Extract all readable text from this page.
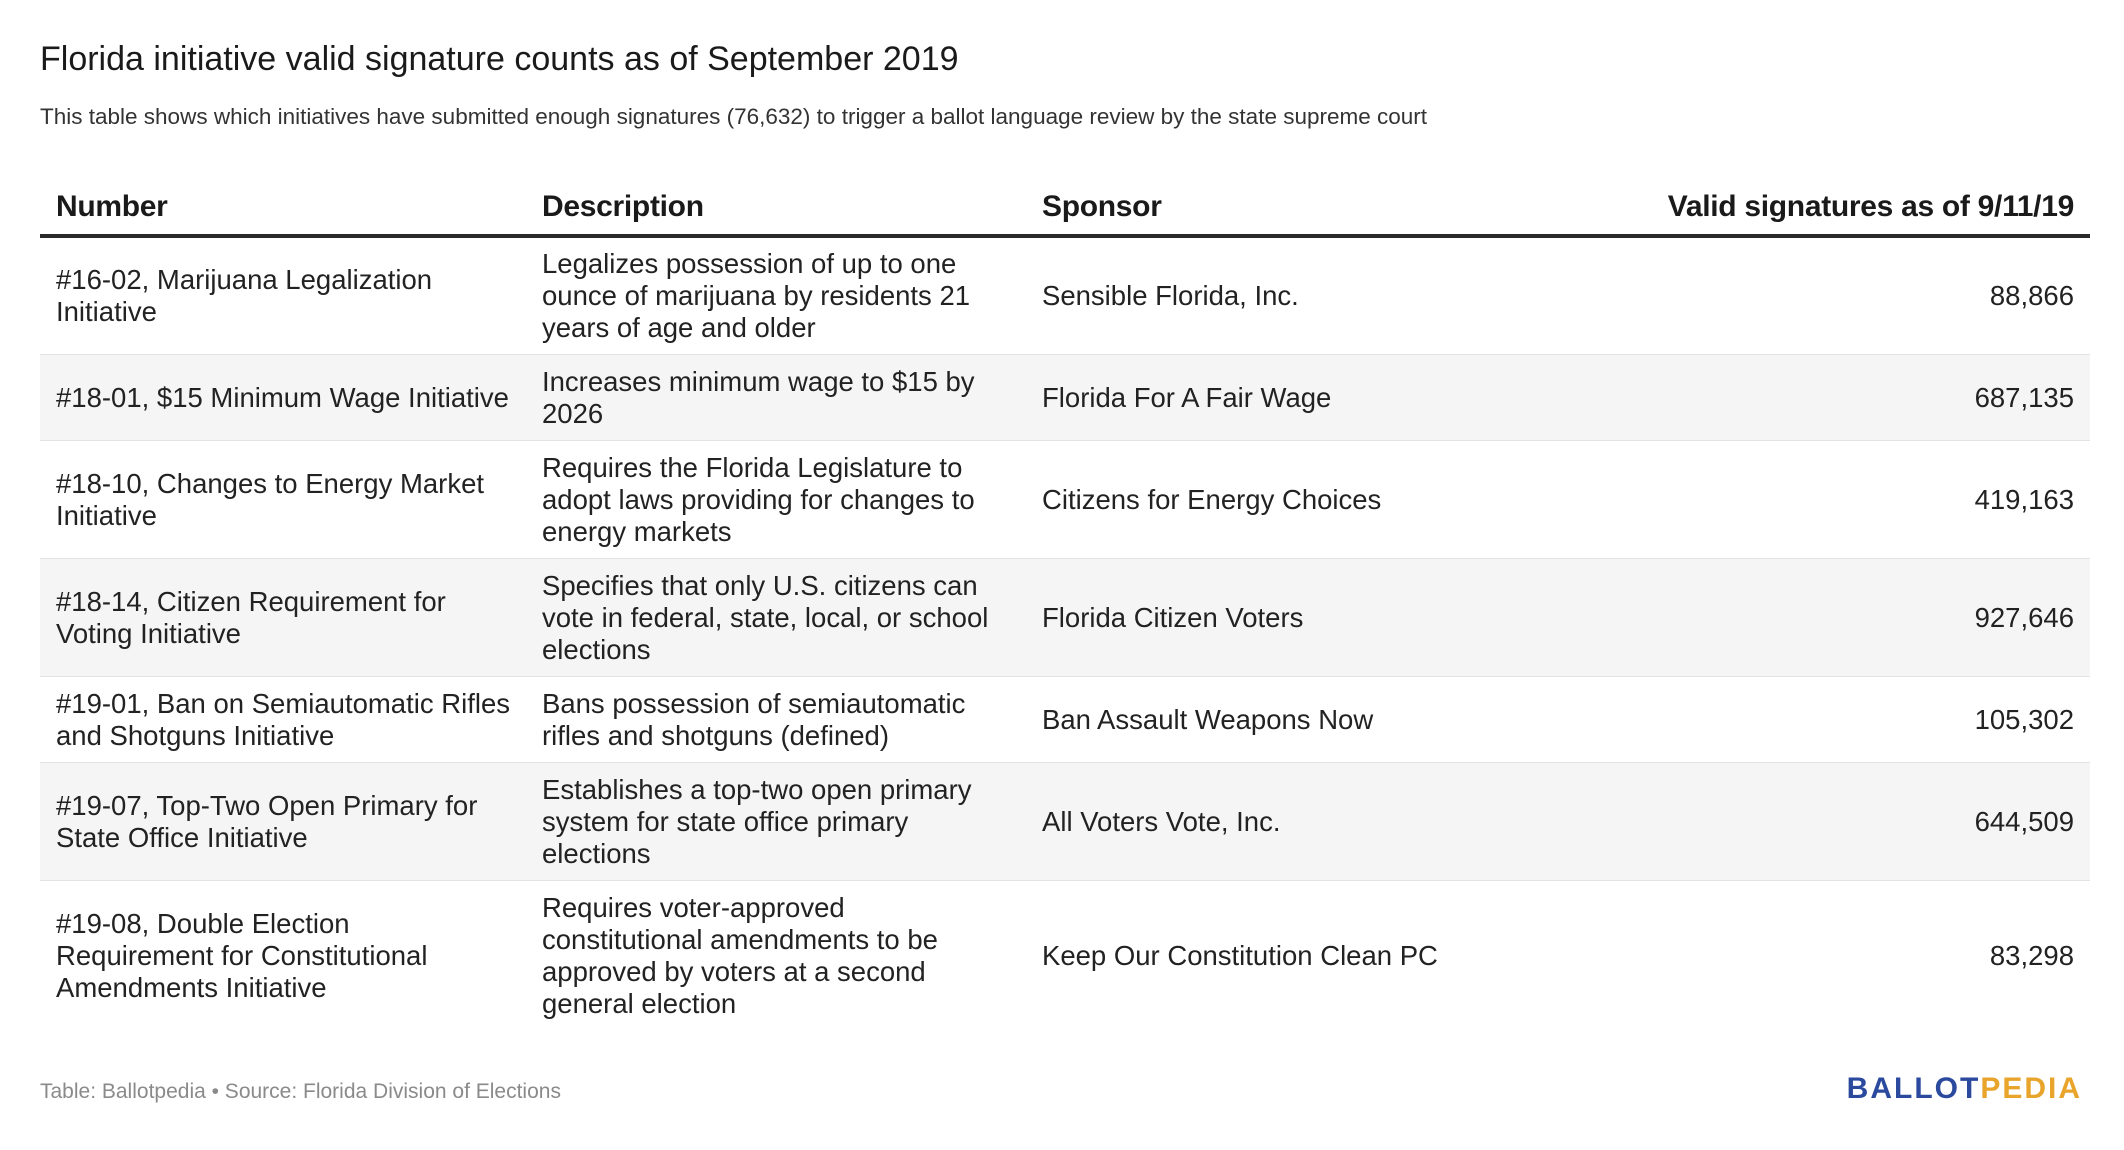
Florida initiative valid signature counts as of September 2019
This table shows which initiatives have submitted enough signatures (76,632) to trigger a ballot language review by the state supreme court
Number	Description	Sponsor	Valid signatures as of 9/11/19
#16-02, Marijuana Legalization Initiative	Legalizes possession of up to one ounce of marijuana by residents 21 years of age and older	Sensible Florida, Inc.	88,866
#18-01, $15 Minimum Wage Initiative	Increases minimum wage to $15 by 2026	Florida For A Fair Wage	687,135
#18-10, Changes to Energy Market Initiative	Requires the Florida Legislature to adopt laws providing for changes to energy markets	Citizens for Energy Choices	419,163
#18-14, Citizen Requirement for Voting Initiative	Specifies that only U.S. citizens can vote in federal, state, local, or school elections	Florida Citizen Voters	927,646
#19-01, Ban on Semiautomatic Rifles and Shotguns Initiative	Bans possession of semiautomatic rifles and shotguns (defined)	Ban Assault Weapons Now	105,302
#19-07, Top-Two Open Primary for State Office Initiative	Establishes a top-two open primary system for state office primary elections	All Voters Vote, Inc.	644,509
#19-08, Double Election Requirement for Constitutional Amendments Initiative	Requires voter-approved constitutional amendments to be approved by voters at a second general election	Keep Our Constitution Clean PC	83,298
Table: Ballotpedia • Source: Florida Division of Elections	BALLOTPEDIA
